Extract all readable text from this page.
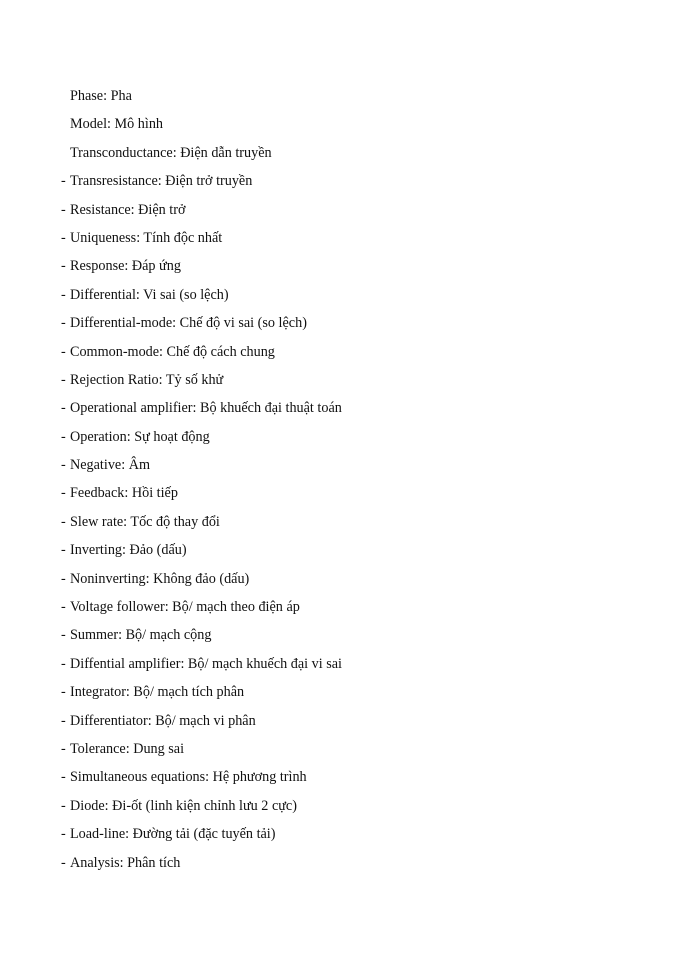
Phase: Pha
Model: Mô hình
Transconductance: Điện dẫn truyền
- Transresistance: Điện trở truyền
- Resistance: Điện trở
- Uniqueness: Tính độc nhất
- Response: Đáp ứng
- Differential: Vi sai (so lệch)
- Differential-mode: Chế độ vi sai (so lệch)
- Common-mode: Chế độ cách chung
- Rejection Ratio: Tỷ số khử
- Operational amplifier: Bộ khuếch đại thuật toán
- Operation: Sự hoạt động
- Negative: Âm
- Feedback: Hồi tiếp
- Slew rate: Tốc độ thay đổi
- Inverting: Đảo (dấu)
- Noninverting: Không đảo (dấu)
- Voltage follower: Bộ/ mạch theo điện áp
- Summer: Bộ/ mạch cộng
- Diffential amplifier: Bộ/ mạch khuếch đại vi sai
- Integrator: Bộ/ mạch tích phân
- Differentiator: Bộ/ mạch vi phân
- Tolerance: Dung sai
- Simultaneous equations: Hệ phương trình
- Diode: Đi-ốt (linh kiện chỉnh lưu 2 cực)
- Load-line: Đường tải (đặc tuyến tải)
- Analysis: Phân tích
